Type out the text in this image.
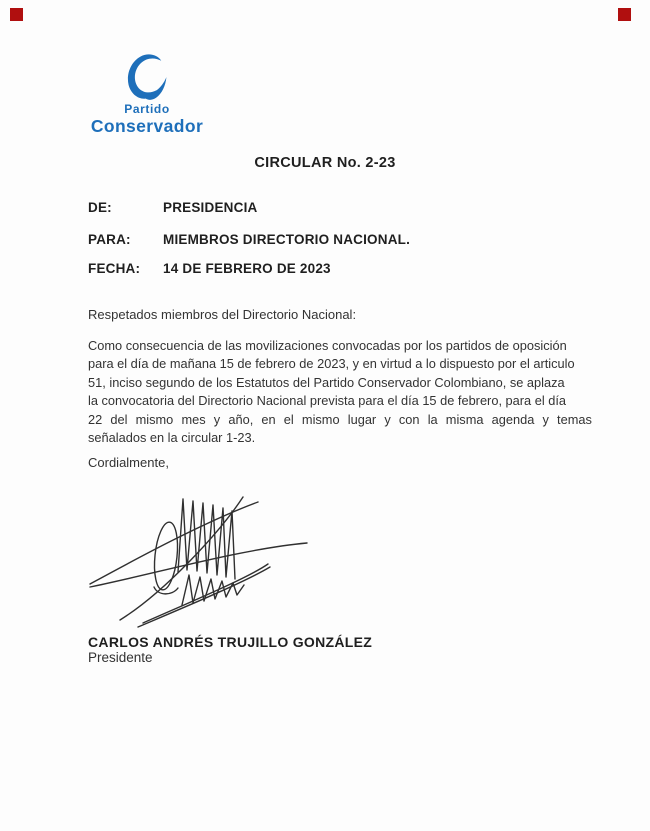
Partido
Conservador
CIRCULAR No. 2-23
DE:	PRESIDENCIA
PARA:	MIEMBROS DIRECTORIO NACIONAL.
FECHA:	14 DE FEBRERO DE 2023
Respetados miembros del Directorio Nacional:
Como consecuencia de las movilizaciones convocadas por los partidos de oposición
para el día de mañana 15 de febrero de 2023, y en virtud a lo dispuesto por el articulo
51, inciso segundo de los Estatutos del Partido Conservador Colombiano, se aplaza
la convocatoria del Directorio Nacional prevista para el día 15 de febrero, para el día
22 del mismo mes y año, en el mismo lugar y con la misma agenda y temas
señalados en la circular 1-23.
Cordialmente,
CARLOS ANDRÉS TRUJILLO GONZÁLEZ
Presidente
